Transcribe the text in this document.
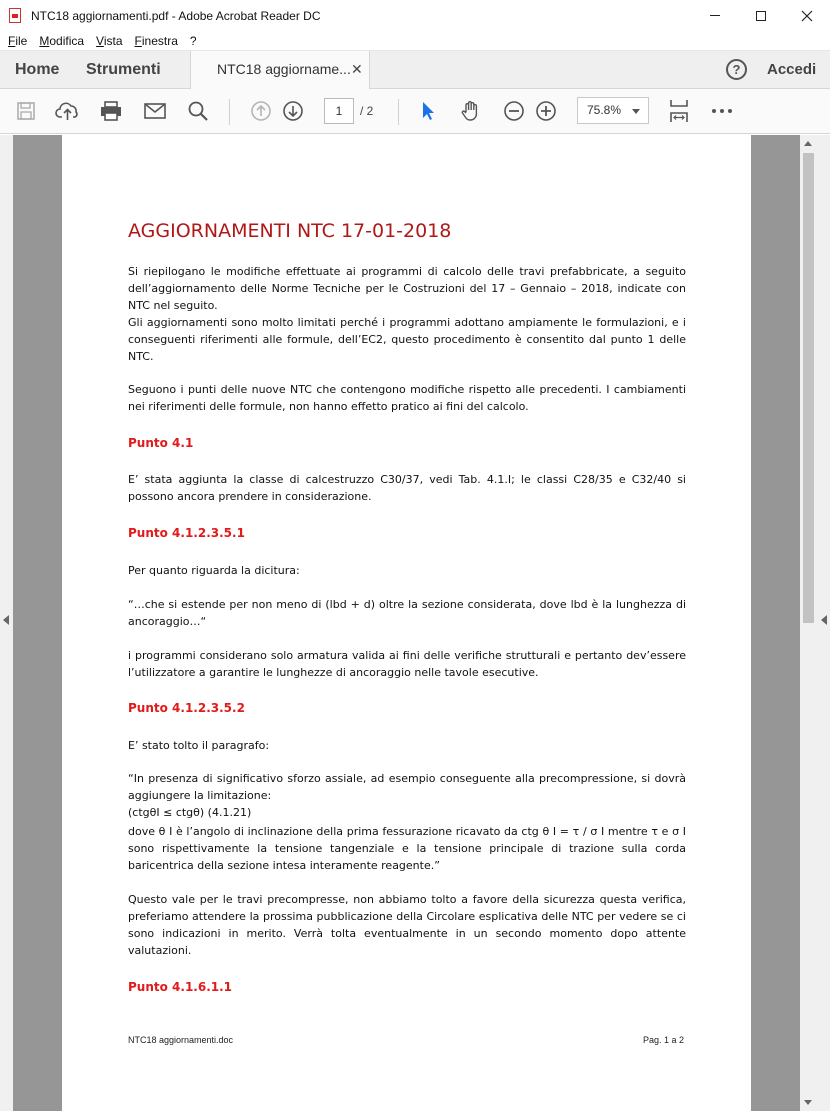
NTC18 aggiornamenti.pdf - Adobe Acrobat Reader DC
File Modifica Vista Finestra ?
Home Strumenti	NTC18 aggiorname... ✕	?	Accedi
1	/ 2	75.8%
AGGIORNAMENTI NTC 17-01-2018
Si riepilogano le modifiche effettuate ai programmi di calcolo delle travi prefabbricate, a seguito dell’aggiornamento delle Norme Tecniche per le Costruzioni del 17 – Gennaio – 2018, indicate con NTC nel seguito.
Gli aggiornamenti sono molto limitati perché i programmi adottano ampiamente le formulazioni, e i conseguenti riferimenti alle formule, dell’EC2, questo procedimento è consentito dal punto 1 delle NTC.
Seguono i punti delle nuove NTC che contengono modifiche rispetto alle precedenti. I cambiamenti nei riferimenti delle formule, non hanno effetto pratico ai fini del calcolo.
Punto 4.1
E’ stata aggiunta la classe di calcestruzzo C30/37, vedi Tab. 4.1.I; le classi C28/35 e C32/40 si possono ancora prendere in considerazione.
Punto 4.1.2.3.5.1
Per quanto riguarda la dicitura:
“…che si estende per non meno di (lbd + d) oltre la sezione considerata, dove lbd è la lunghezza di ancoraggio…“
i programmi considerano solo armatura valida ai fini delle verifiche strutturali e pertanto dev’essere l’utilizzatore a garantire le lunghezze di ancoraggio nelle tavole esecutive.
Punto 4.1.2.3.5.2
E’ stato tolto il paragrafo:
“In presenza di significativo sforzo assiale, ad esempio conseguente alla precompressione, si dovrà aggiungere la limitazione:
(ctgθI ≤ ctgθ) (4.1.21)
dove θ I è l’angolo di inclinazione della prima fessurazione ricavato da ctg θ I = τ / σ I mentre τ e σ I sono rispettivamente la tensione tangenziale e la tensione principale di trazione sulla corda baricentrica della sezione intesa interamente reagente.”
Questo vale per le travi precompresse, non abbiamo tolto a favore della sicurezza questa verifica, preferiamo attendere la prossima pubblicazione della Circolare esplicativa delle NTC per vedere se ci sono indicazioni in merito. Verrà tolta eventualmente in un secondo momento dopo attente valutazioni.
Punto 4.1.6.1.1
NTC18 aggiornamenti.doc	Pag. 1 a 2
